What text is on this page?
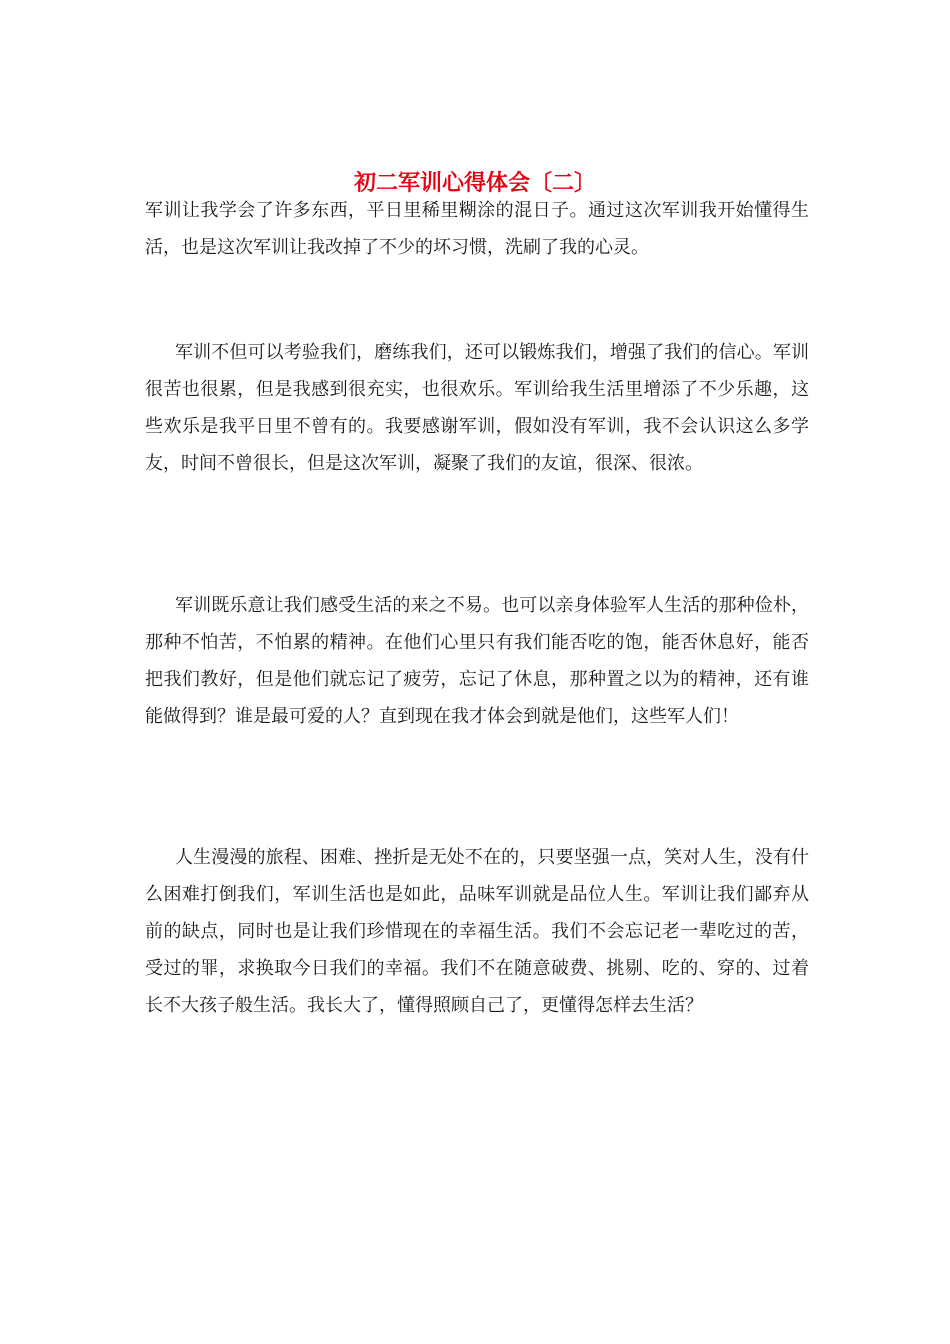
初二军训心得体会〔二〕

军训让我学会了许多东西，平日里稀里糊涂的混日子。通过这次军训我开始懂得生活，也是这次军训让我改掉了不少的坏习惯，洗刷了我的心灵。

军训不但可以考验我们，磨练我们，还可以锻炼我们，增强了我们的信心。军训很苦也很累，但是我感到很充实，也很欢乐。军训给我生活里增添了不少乐趣，这些欢乐是我平日里不曾有的。我要感谢军训，假如没有军训，我不会认识这么多学友，时间不曾很长，但是这次军训，凝聚了我们的友谊，很深、很浓。

军训既乐意让我们感受生活的来之不易。也可以亲身体验军人生活的那种俭朴，那种不怕苦，不怕累的精神。在他们心里只有我们能否吃的饱，能否休息好，能否把我们教好，但是他们就忘记了疲劳，忘记了休息，那种置之以为的精神，还有谁能做得到？谁是最可爱的人？直到现在我才体会到就是他们，这些军人们！

人生漫漫的旅程、困难、挫折是无处不在的，只要坚强一点，笑对人生，没有什么困难打倒我们，军训生活也是如此，品味军训就是品位人生。军训让我们鄙弃从前的缺点，同时也是让我们珍惜现在的幸福生活。我们不会忘记老一辈吃过的苦，受过的罪，求换取今日我们的幸福。我们不在随意破费、挑剔、吃的、穿的、过着长不大孩子般生活。我长大了，懂得照顾自己了，更懂得怎样去生活？
